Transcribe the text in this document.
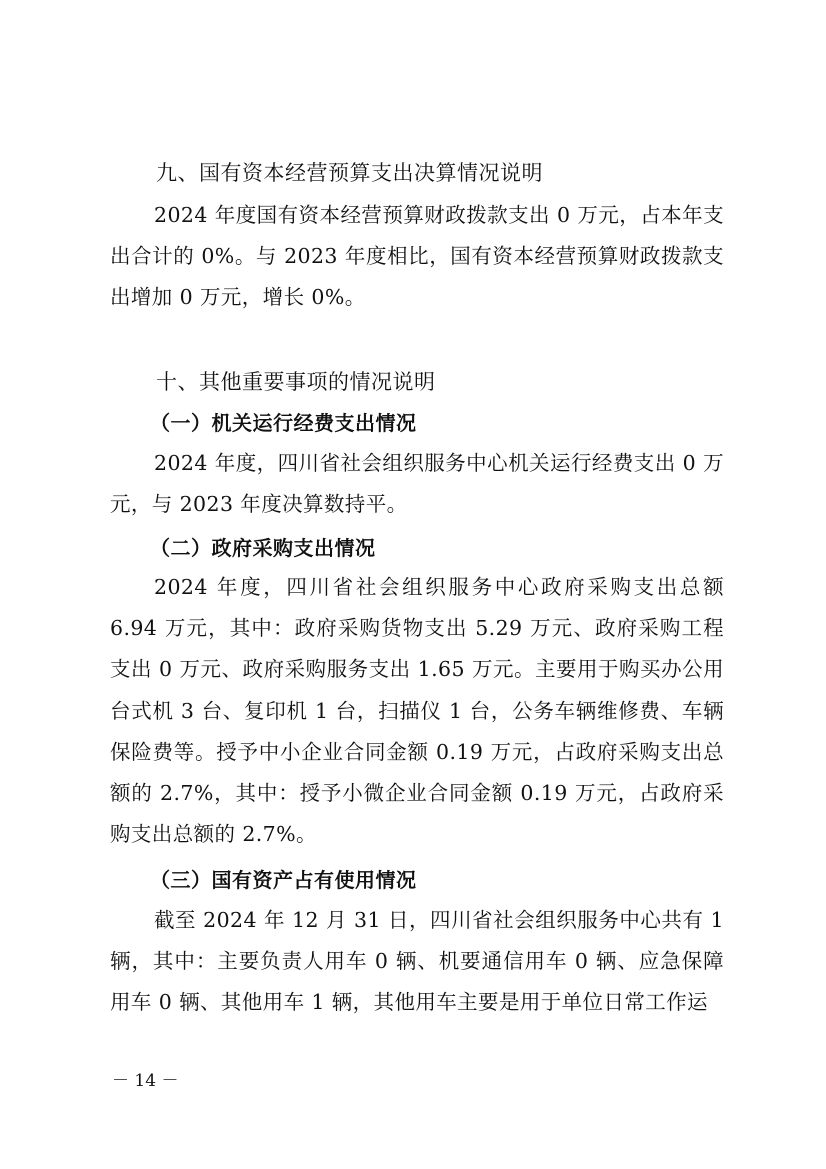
九、国有资本经营预算支出决算情况说明

2024 年度国有资本经营预算财政拨款支出 0 万元，占本年支出合计的 0%。与 2023 年度相比，国有资本经营预算财政拨款支出增加 0 万元，增长 0%。

十、其他重要事项的情况说明
（一）机关运行经费支出情况

2024 年度，四川省社会组织服务中心机关运行经费支出 0 万元，与 2023 年度决算数持平。

（二）政府采购支出情况

2024 年度，四川省社会组织服务中心政府采购支出总额 6.94 万元，其中：政府采购货物支出 5.29 万元、政府采购工程支出 0 万元、政府采购服务支出 1.65 万元。主要用于购买办公用台式机 3 台、复印机 1 台，扫描仪 1 台，公务车辆维修费、车辆保险费等。授予中小企业合同金额 0.19 万元，占政府采购支出总额的 2.7%，其中：授予小微企业合同金额 0.19 万元，占政府采购支出总额的 2.7%。

（三）国有资产占有使用情况

截至 2024 年 12 月 31 日，四川省社会组织服务中心共有 1 辆，其中：主要负责人用车 0 辆、机要通信用车 0 辆、应急保障用车 0 辆、其他用车 1 辆，其他用车主要是用于单位日常工作运

－ 14 －
